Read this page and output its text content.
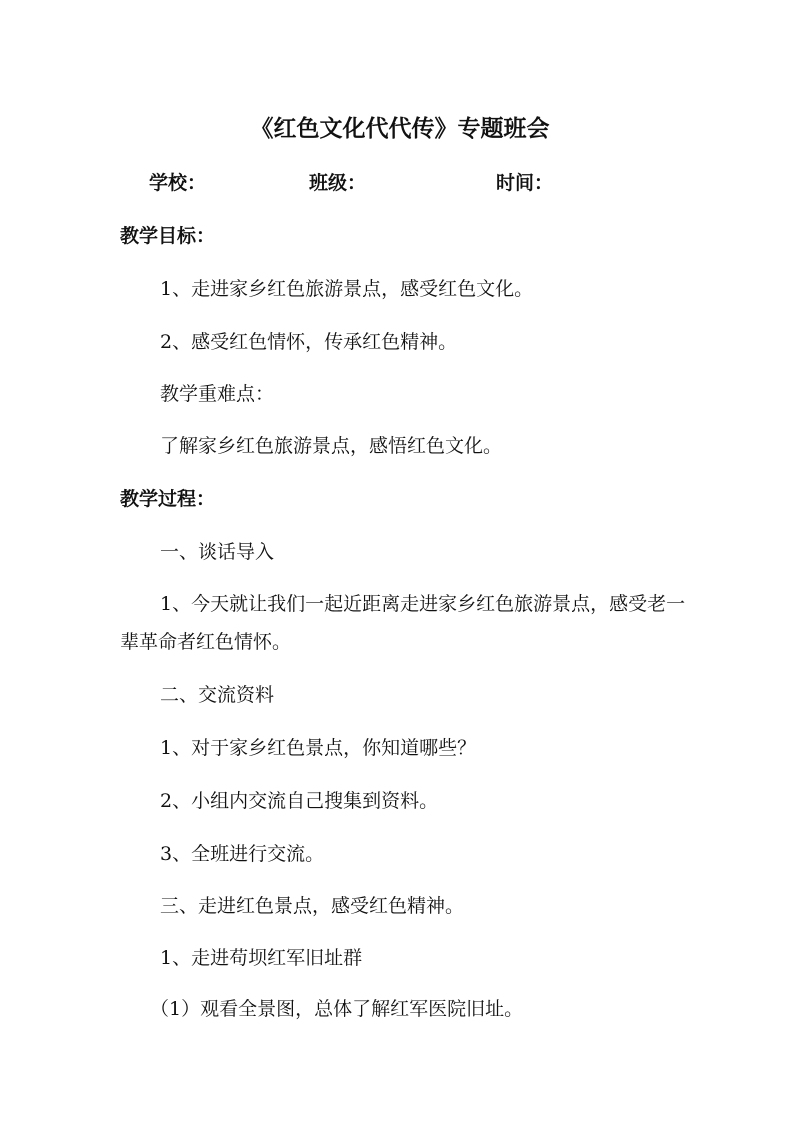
《红色文化代代传》专题班会
学校：	班级：	时间：
教学目标：
1、走进家乡红色旅游景点，感受红色文化。
2、感受红色情怀，传承红色精神。
教学重难点：
了解家乡红色旅游景点，感悟红色文化。
教学过程：
一、谈话导入
1、今天就让我们一起近距离走进家乡红色旅游景点，感受老一
辈革命者红色情怀。
二、交流资料
1、对于家乡红色景点，你知道哪些？
2、小组内交流自己搜集到资料。
3、全班进行交流。
三、走进红色景点，感受红色精神。
1、走进苟坝红军旧址群
（1）观看全景图，总体了解红军医院旧址。
